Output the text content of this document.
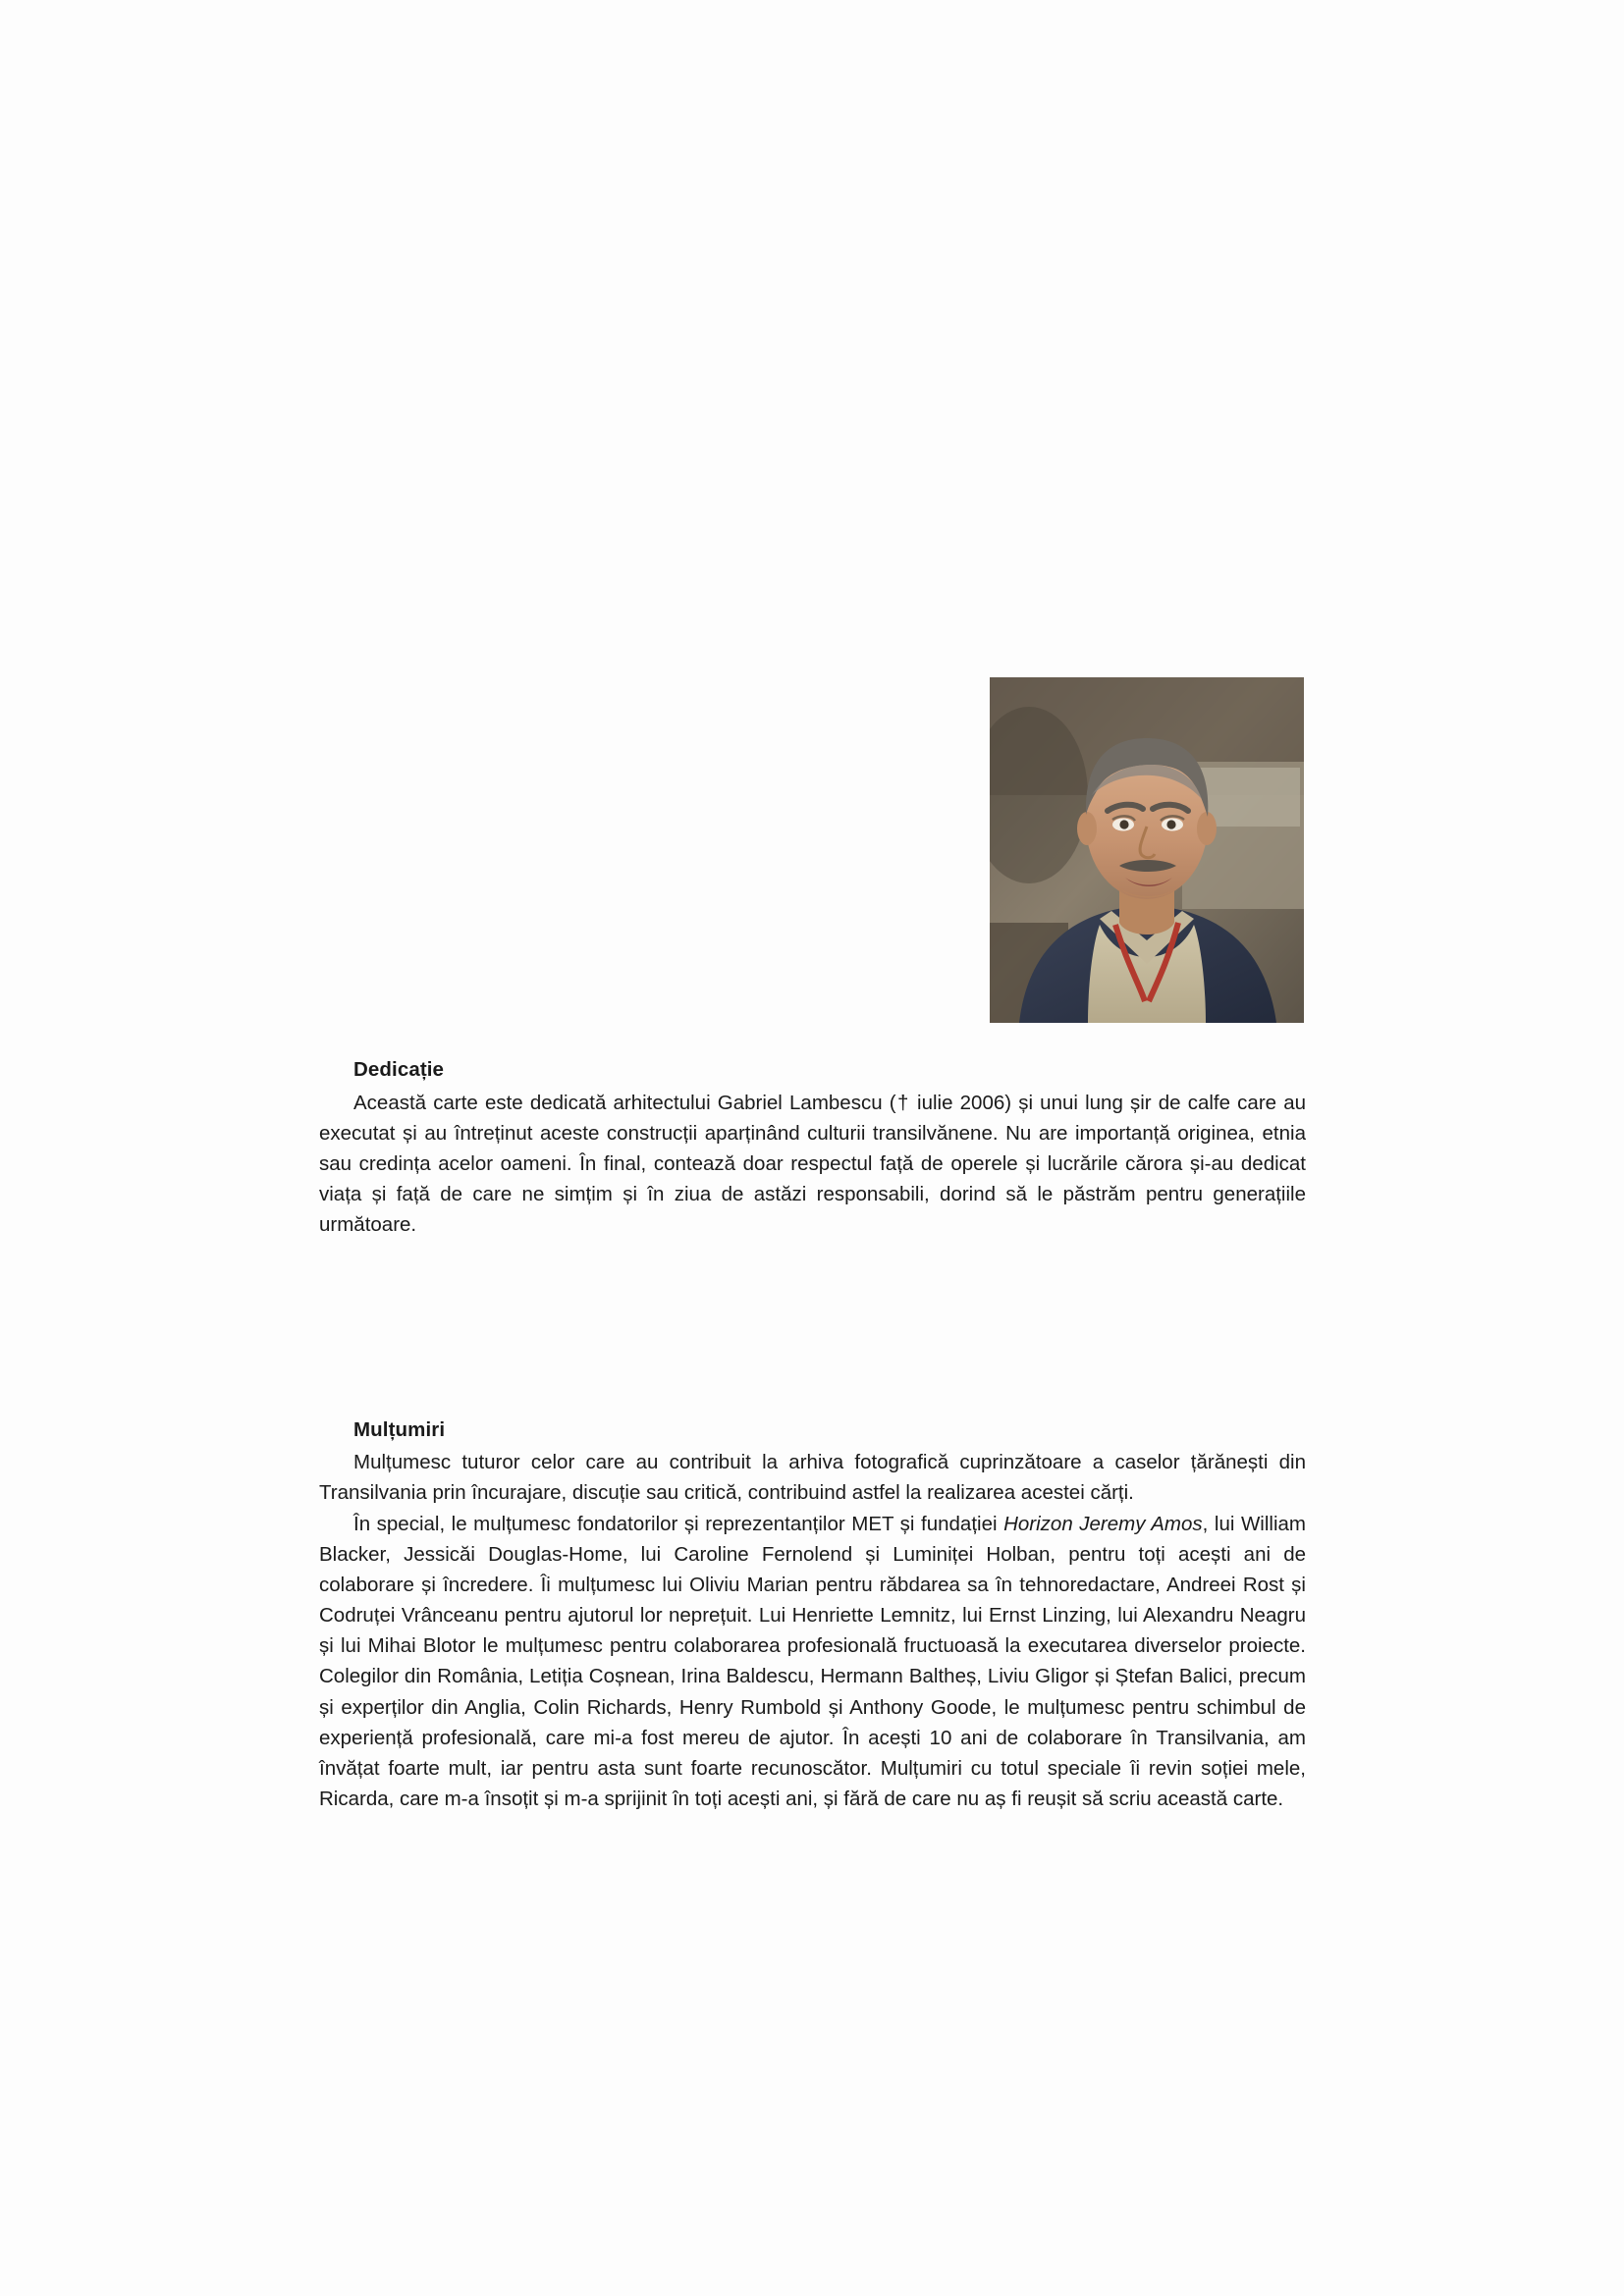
Dedicație

Această carte este dedicată arhitectului Gabriel Lambescu († iulie 2006) și unui lung șir de calfe care au executat și au întreținut aceste construcții aparținând culturii transilvănene. Nu are importanță originea, etnia sau credința acelor oameni. În final, contează doar respectul față de operele și lucrările cărora și-au dedicat viața și față de care ne simțim și în ziua de astăzi responsabili, dorind să le păstrăm pentru generațiile următoare.

Mulțumiri

Mulțumesc tuturor celor care au contribuit la arhiva fotografică cuprinzătoare a caselor țărănești din Transilvania prin încurajare, discuție sau critică, contribuind astfel la realizarea acestei cărți.

În special, le mulțumesc fondatorilor și reprezentanților MET și fundației Horizon Jeremy Amos, lui William Blacker, Jessicăi Douglas-Home, lui Caroline Fernolend și Luminiței Holban, pentru toți acești ani de colaborare și încredere. Îi mulțumesc lui Oliviu Marian pentru răbdarea sa în tehnoredactare, Andreei Rost și Codruței Vrânceanu pentru ajutorul lor neprețuit. Lui Henriette Lemnitz, lui Ernst Linzing, lui Alexandru Neagru și lui Mihai Blotor le mulțumesc pentru colaborarea profesională fructuoasă la executarea diverselor proiecte. Colegilor din România, Letiția Coșnean, Irina Baldescu, Hermann Baltheș, Liviu Gligor și Ștefan Balici, precum și experților din Anglia, Colin Richards, Henry Rumbold și Anthony Goode, le mulțumesc pentru schimbul de experiență profesională, care mi-a fost mereu de ajutor. În acești 10 ani de colaborare în Transilvania, am învățat foarte mult, iar pentru asta sunt foarte recunoscător. Mulțumiri cu totul speciale îi revin soției mele, Ricarda, care m-a însoțit și m-a sprijinit în toți acești ani, și fără de care nu aș fi reușit să scriu această carte.
